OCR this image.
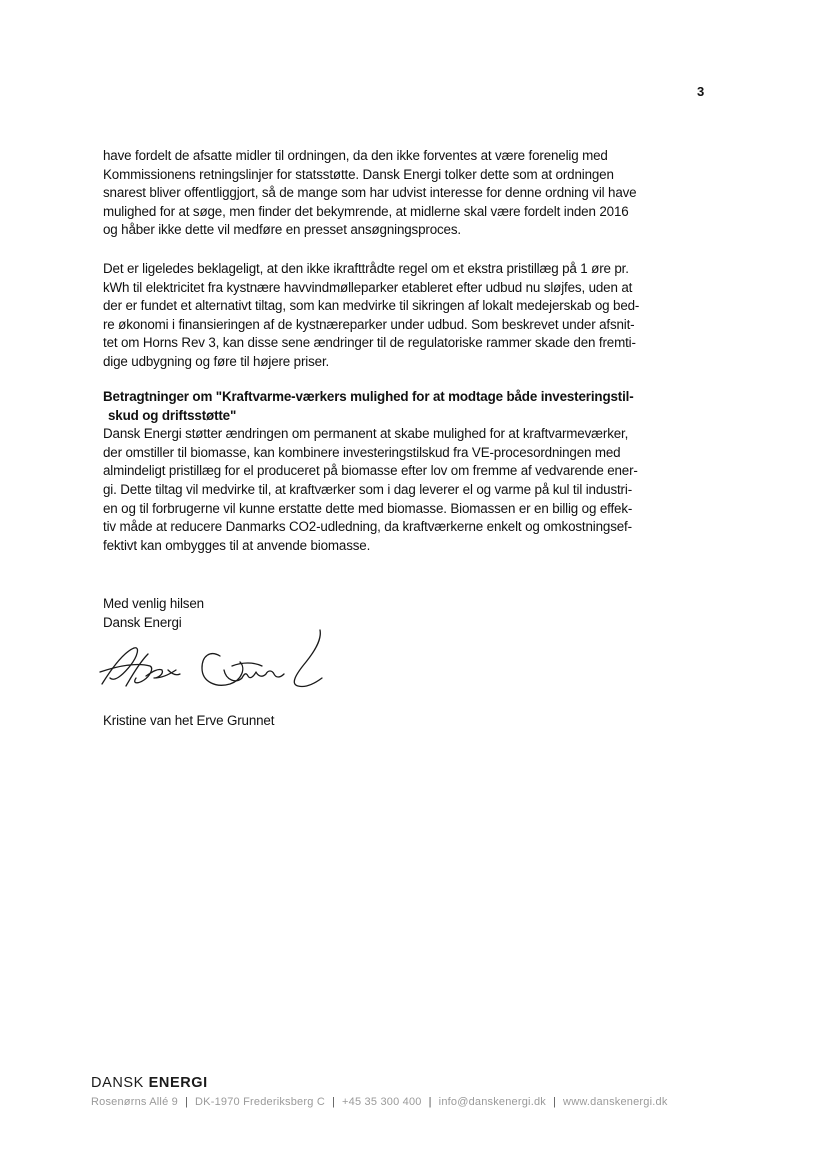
3
have fordelt de afsatte midler til ordningen, da den ikke forventes at være forenelig med
Kommissionens retningslinjer for statsstøtte. Dansk Energi tolker dette som at ordningen
snarest bliver offentliggjort, så de mange som har udvist interesse for denne ordning vil have
mulighed for at søge, men finder det bekymrende, at midlerne skal være fordelt inden 2016
og håber ikke dette vil medføre en presset ansøgningsproces.
Det er ligeledes beklageligt, at den ikke ikrafttrådte regel om et ekstra pristillæg på 1 øre pr.
kWh til elektricitet fra kystnære havvindmølleparker etableret efter udbud nu sløjfes, uden at
der er fundet et alternativt tiltag, som kan medvirke til sikringen af lokalt medejerskab og bed-
re økonomi i finansieringen af de kystnæreparker under udbud. Som beskrevet under afsnit-
tet om Horns Rev 3, kan disse sene ændringer til de regulatoriske rammer skade den fremti-
dige udbygning og føre til højere priser.
Betragtninger om "Kraftvarme-værkers mulighed for at modtage både investeringstil-
skud og driftsstøtte"
Dansk Energi støtter ændringen om permanent at skabe mulighed for at kraftvarmeværker,
der omstiller til biomasse, kan kombinere investeringstilskud fra VE-procesordningen med
almindeligt pristillæg for el produceret på biomasse efter lov om fremme af vedvarende ener-
gi. Dette tiltag vil medvirke til, at kraftværker som i dag leverer el og varme på kul til industri-
en og til forbrugerne vil kunne erstatte dette med biomasse. Biomassen er en billig og effek-
tiv måde at reducere Danmarks CO2-udledning, da kraftværkerne enkelt og omkostningsef-
fektivt kan ombygges til at anvende biomasse.
Med venlig hilsen
Dansk Energi
Kristine van het Erve Grunnet
DANSK ENERGI
Rosenørns Allé 9 | DK-1970 Frederiksberg C | +45 35 300 400 | info@danskenergi.dk | www.danskenergi.dk
